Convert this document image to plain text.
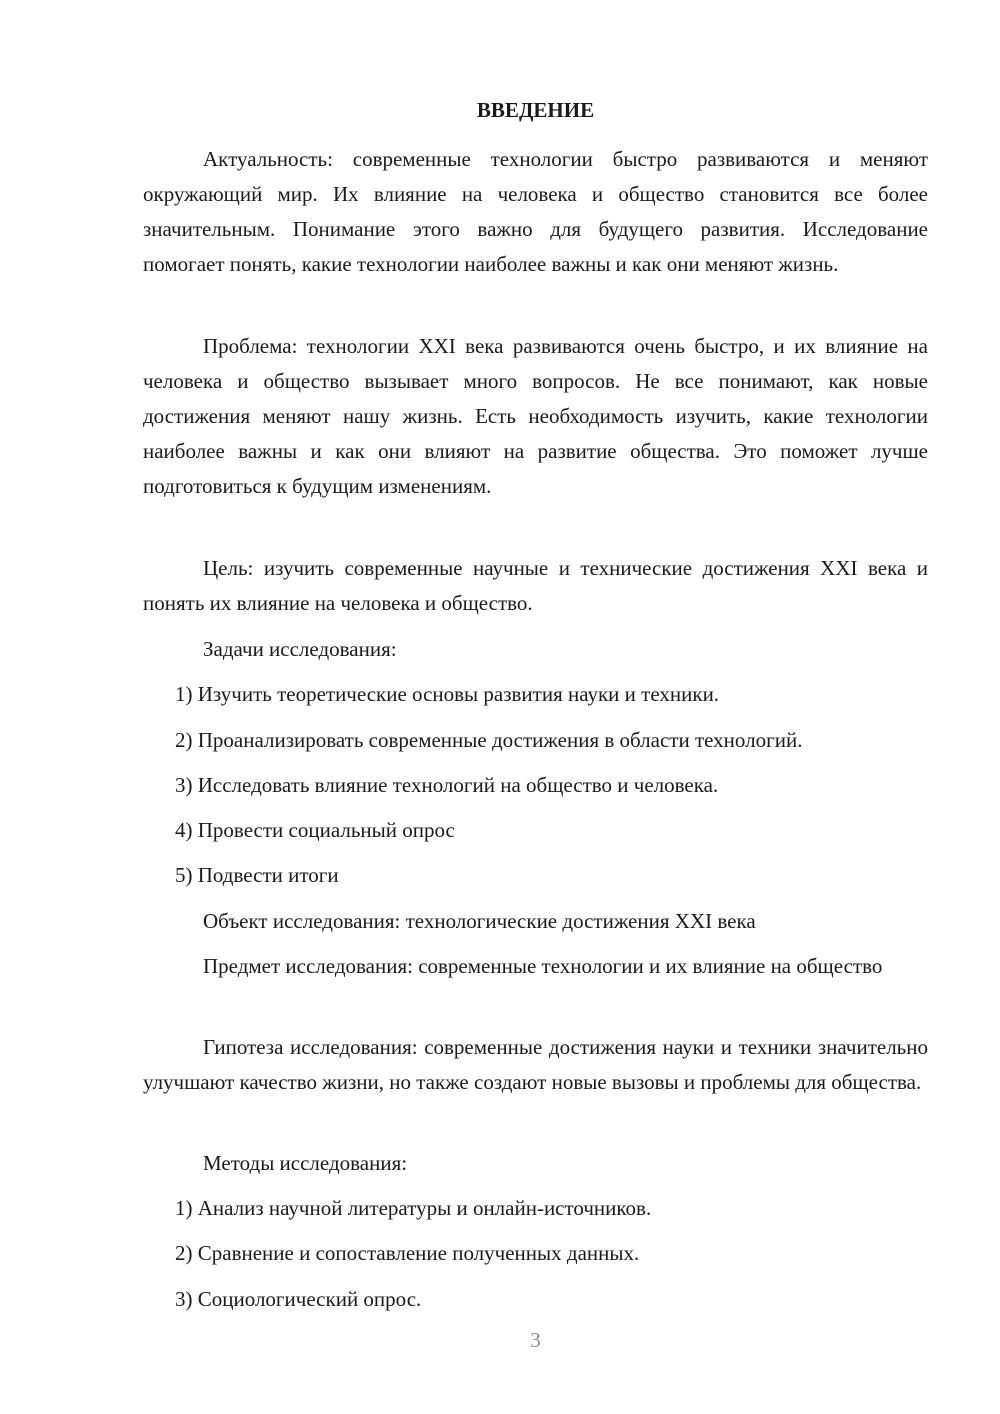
ВВЕДЕНИЕ
Актуальность: современные технологии быстро развиваются и меняют окружающий мир. Их влияние на человека и общество становится все более значительным. Понимание этого важно для будущего развития. Исследование помогает понять, какие технологии наиболее важны и как они меняют жизнь.
Проблема: технологии XXI века развиваются очень быстро, и их влияние на человека и общество вызывает много вопросов. Не все понимают, как новые достижения меняют нашу жизнь. Есть необходимость изучить, какие технологии наиболее важны и как они влияют на развитие общества. Это поможет лучше подготовиться к будущим изменениям.
Цель: изучить современные научные и технические достижения XXI века и понять их влияние на человека и общество.
Задачи исследования:
1) Изучить теоретические основы развития науки и техники.
2) Проанализировать современные достижения в области технологий.
3) Исследовать влияние технологий на общество и человека.
4) Провести социальный опрос
5) Подвести итоги
Объект исследования: технологические достижения XXI века
Предмет исследования: современные технологии и их влияние на общество
Гипотеза исследования: современные достижения науки и техники значительно улучшают качество жизни, но также создают новые вызовы и проблемы для общества.
Методы исследования:
1) Анализ научной литературы и онлайн-источников.
2) Сравнение и сопоставление полученных данных.
3) Социологический опрос.
3
